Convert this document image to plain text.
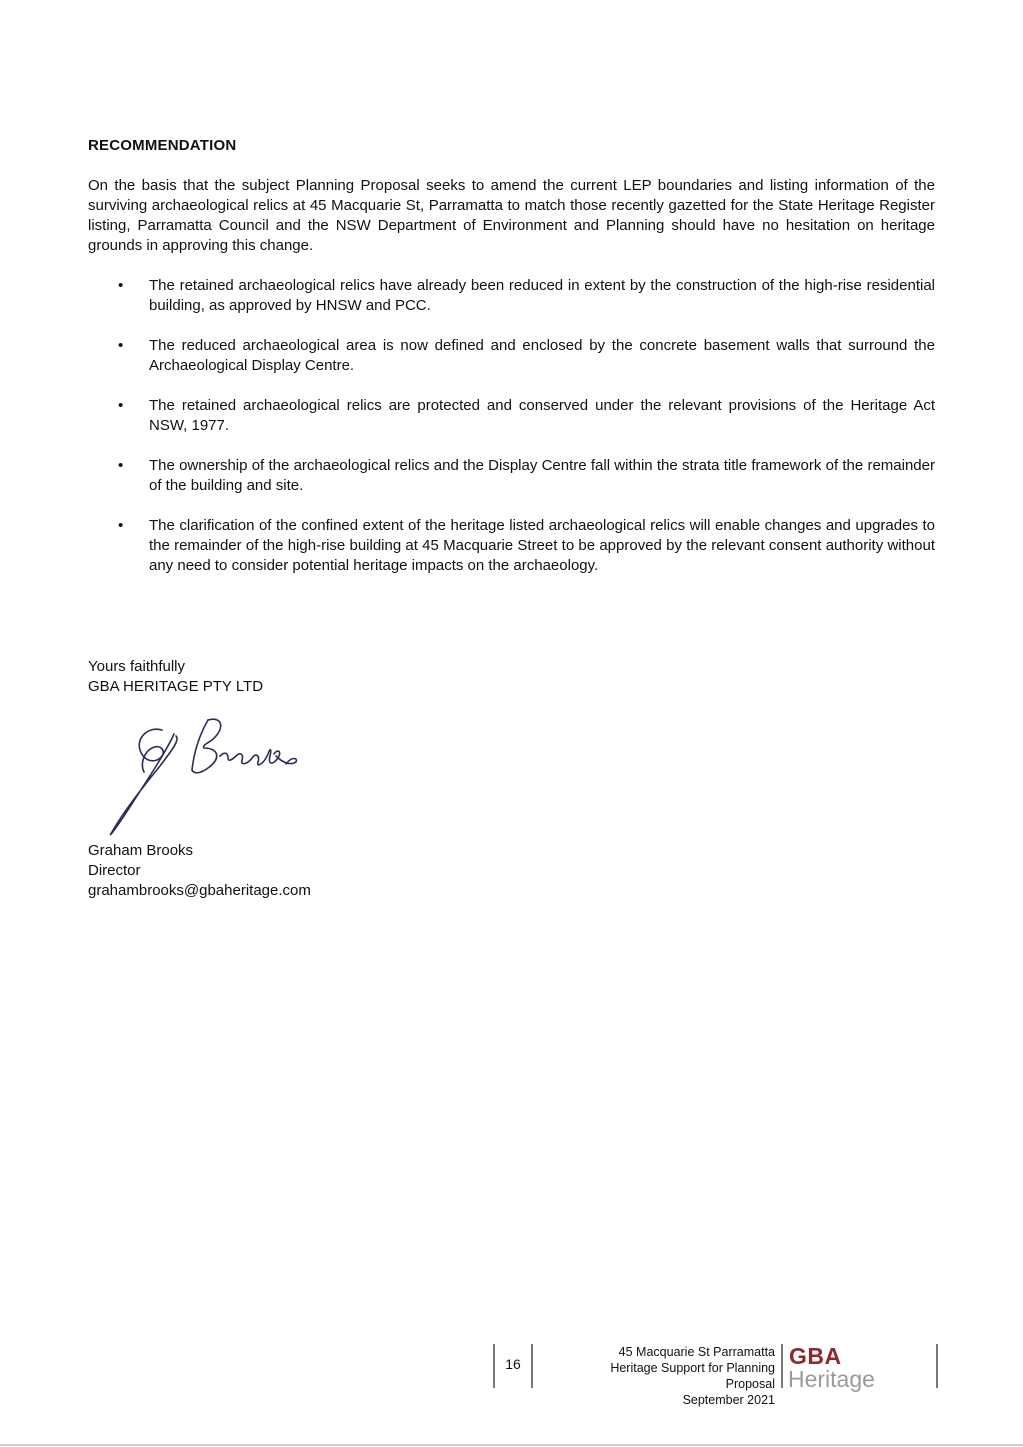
RECOMMENDATION

On the basis that the subject Planning Proposal seeks to amend the current LEP boundaries and listing information of the surviving archaeological relics at 45 Macquarie St, Parramatta to match those recently gazetted for the State Heritage Register listing, Parramatta Council and the NSW Department of Environment and Planning should have no hesitation on heritage grounds in approving this change.

• The retained archaeological relics have already been reduced in extent by the construction of the high-rise residential building, as approved by HNSW and PCC.
• The reduced archaeological area is now defined and enclosed by the concrete basement walls that surround the Archaeological Display Centre.
• The retained archaeological relics are protected and conserved under the relevant provisions of the Heritage Act NSW, 1977.
• The ownership of the archaeological relics and the Display Centre fall within the strata title framework of the remainder of the building and site.
• The clarification of the confined extent of the heritage listed archaeological relics will enable changes and upgrades to the remainder of the high-rise building at 45 Macquarie Street to be approved by the relevant consent authority without any need to consider potential heritage impacts on the archaeology.
Yours faithfully
GBA HERITAGE PTY LTD
Graham Brooks
Director
grahambrooks@gbaheritage.com
16
45 Macquarie St Parramatta
Heritage Support for Planning
Proposal
September 2021
GBA
Heritage
